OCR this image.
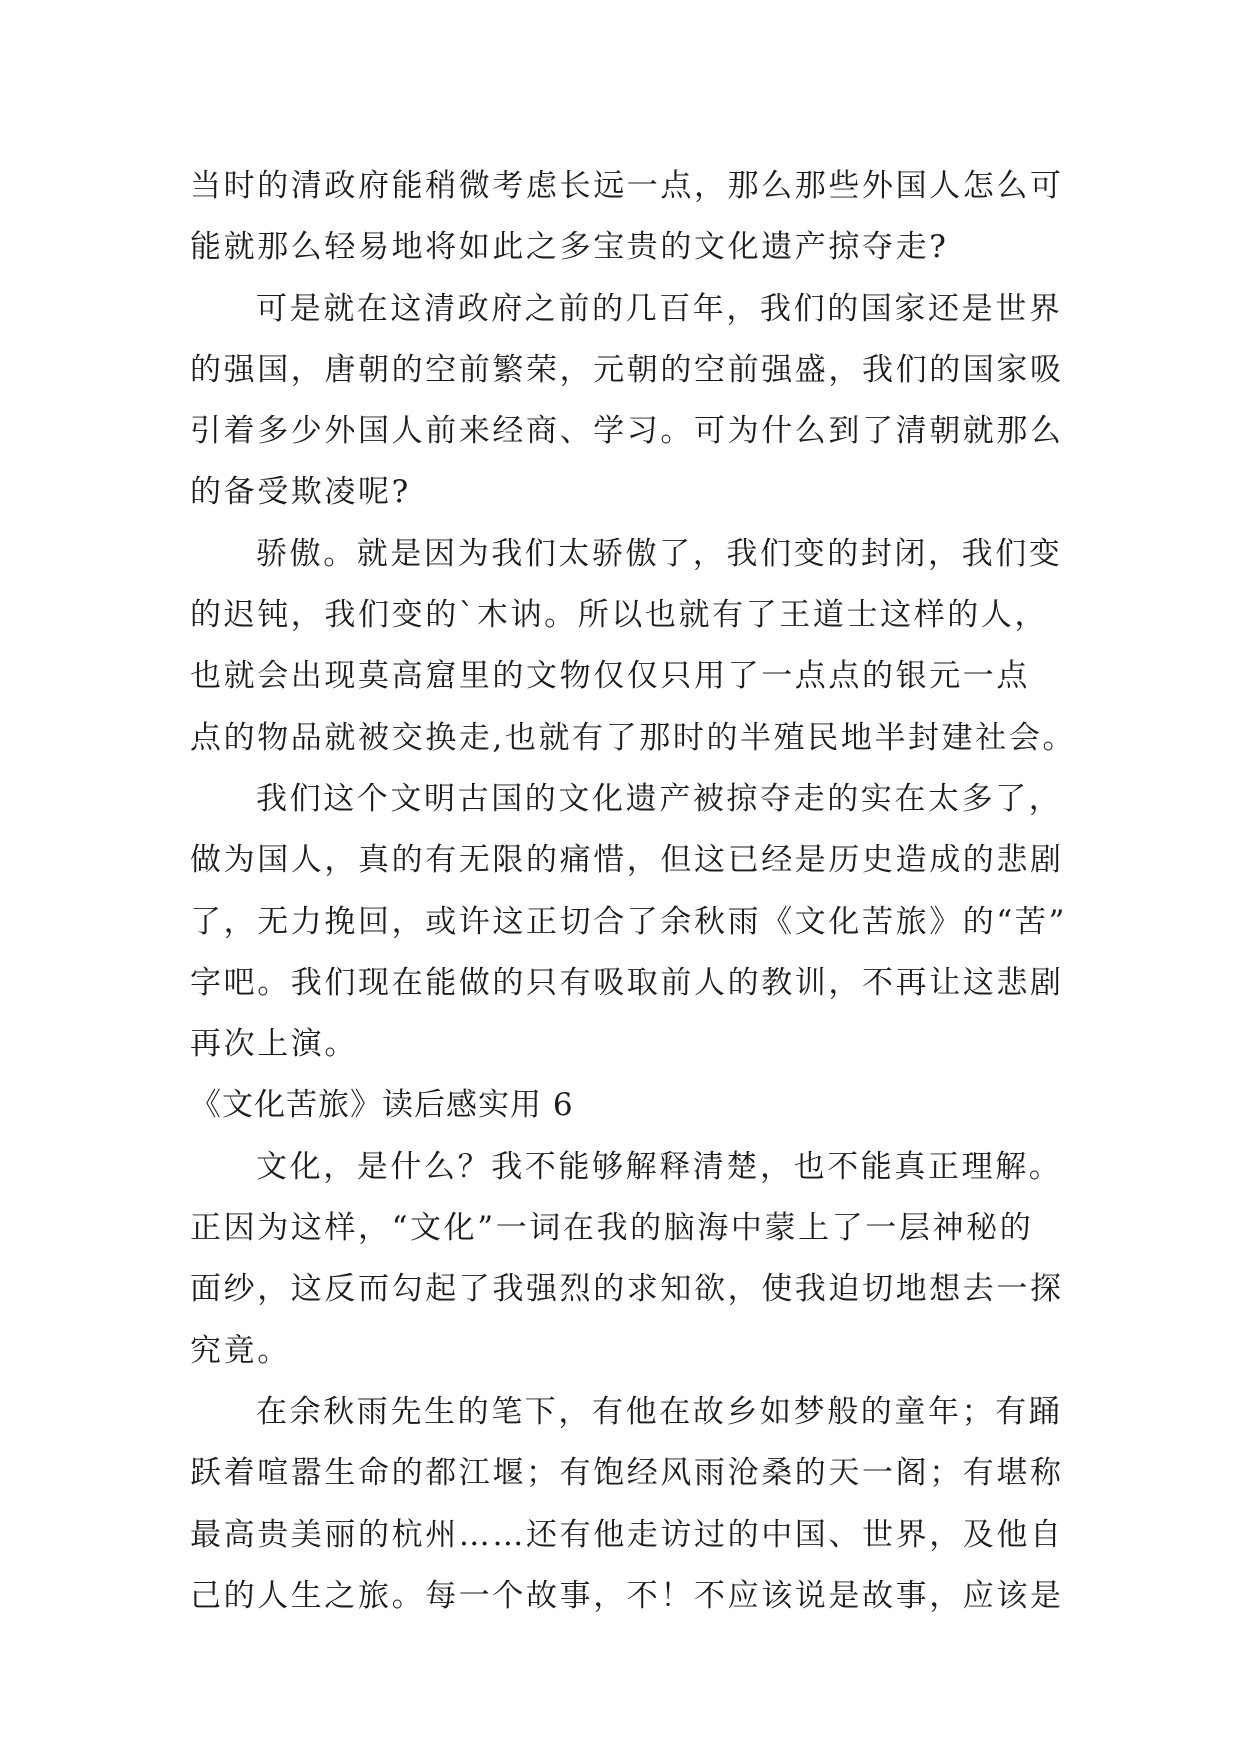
当时的清政府能稍微考虑长远一点，那么那些外国人怎么可
能就那么轻易地将如此之多宝贵的文化遗产掠夺走?
可是就在这清政府之前的几百年，我们的国家还是世界
的强国，唐朝的空前繁荣，元朝的空前强盛，我们的国家吸
引着多少外国人前来经商、学习。可为什么到了清朝就那么
的备受欺凌呢?
骄傲。就是因为我们太骄傲了，我们变的封闭，我们变
的迟钝，我们变的`木讷。所以也就有了王道士这样的人，
也就会出现莫高窟里的文物仅仅只用了一点点的银元一点
点的物品就被交换走,也就有了那时的半殖民地半封建社会。
我们这个文明古国的文化遗产被掠夺走的实在太多了，
做为国人，真的有无限的痛惜，但这已经是历史造成的悲剧
了，无力挽回，或许这正切合了余秋雨《文化苦旅》的“苦”
字吧。我们现在能做的只有吸取前人的教训，不再让这悲剧
再次上演。
《文化苦旅》读后感实用 6
文化，是什么？我不能够解释清楚，也不能真正理解。
正因为这样，“文化”一词在我的脑海中蒙上了一层神秘的
面纱，这反而勾起了我强烈的求知欲，使我迫切地想去一探
究竟。
在余秋雨先生的笔下，有他在故乡如梦般的童年；有踊
跃着喧嚣生命的都江堰；有饱经风雨沧桑的天一阁；有堪称
最高贵美丽的杭州……还有他走访过的中国、世界，及他自
己的人生之旅。每一个故事，不！不应该说是故事，应该是
